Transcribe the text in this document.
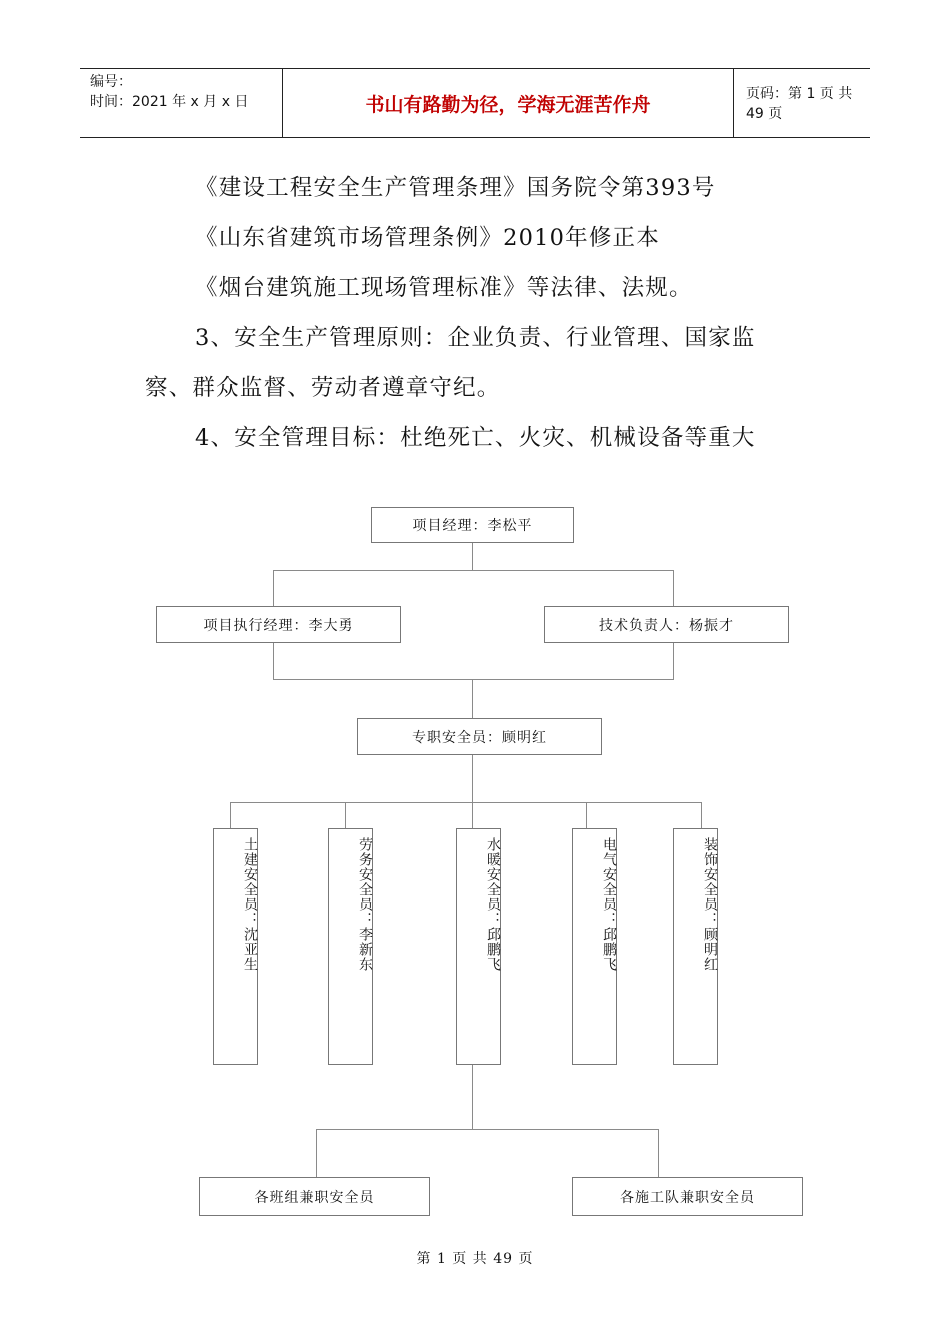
编号：
时间：2021 年 x 月 x 日	书山有路勤为径，学海无涯苦作舟	页码：第 1 页 共 49 页
《建设工程安全生产管理条理》国务院令第393号
《山东省建筑市场管理条例》2010年修正本
《烟台建筑施工现场管理标准》等法律、法规。
3、安全生产管理原则：企业负责、行业管理、国家监
察、群众监督、劳动者遵章守纪。
4、安全管理目标：杜绝死亡、火灾、机械设备等重大
项目经理：李松平
项目执行经理：李大勇	技术负责人：杨振才
专职安全员：顾明红
土建安全员：沈亚生	劳务安全员：李新东	水暖安全员：邱鹏飞	电气安全员：邱鹏飞	装饰安全员：顾明红
各班组兼职安全员	各施工队兼职安全员
第 1 页 共 49 页
